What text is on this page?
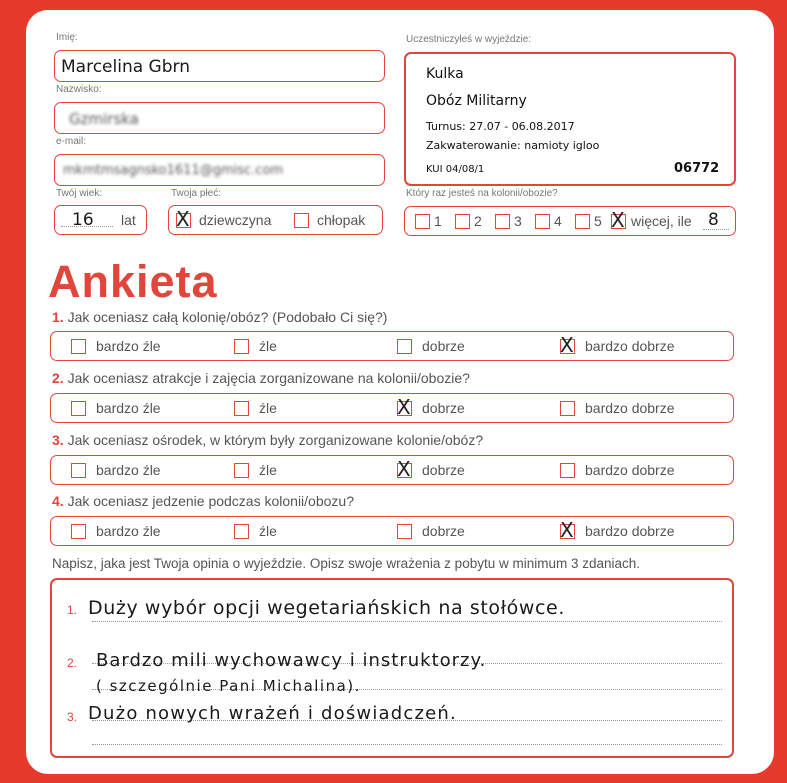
Imię:
Marcelina Gbrn
Nazwisko:
Gzmirska
e-mail:
mkmtmsagnsko1611@gmisc.com
Twój wiek:
16 lat
Twoja płeć:
X dziewczyna	chłopak
Uczestniczyłeś w wyjeździe:
Kulka
Obóz Militarny
Turnus: 27.07 - 06.08.2017
Zakwaterowanie: namioty igloo
KUI 04/08/1	06772
Który raz jesteś na kolonii/obozie?
1 2 3 4 5 X więcej, ile 8
Ankieta
1. Jak oceniasz całą kolonię/obóz? (Podobało Ci się?)
bardzo źle	źle	dobrze	X bardzo dobrze
2. Jak oceniasz atrakcje i zajęcia zorganizowane na kolonii/obozie?
bardzo źle	źle	X dobrze	bardzo dobrze
3. Jak oceniasz ośrodek, w którym były zorganizowane kolonie/obóz?
bardzo źle	źle	X dobrze	bardzo dobrze
4. Jak oceniasz jedzenie podczas kolonii/obozu?
bardzo źle	źle	dobrze	X bardzo dobrze
Napisz, jaka jest Twoja opinia o wyjeździe. Opisz swoje wrażenia z pobytu w minimum 3 zdaniach.
1. Duży wybór opcji wegetariańskich na stołówce.
2. Bardzo mili wychowawcy i instruktorzy.
( szczególnie Pani Michalina).
3. Dużo nowych wrażeń i doświadczeń.
